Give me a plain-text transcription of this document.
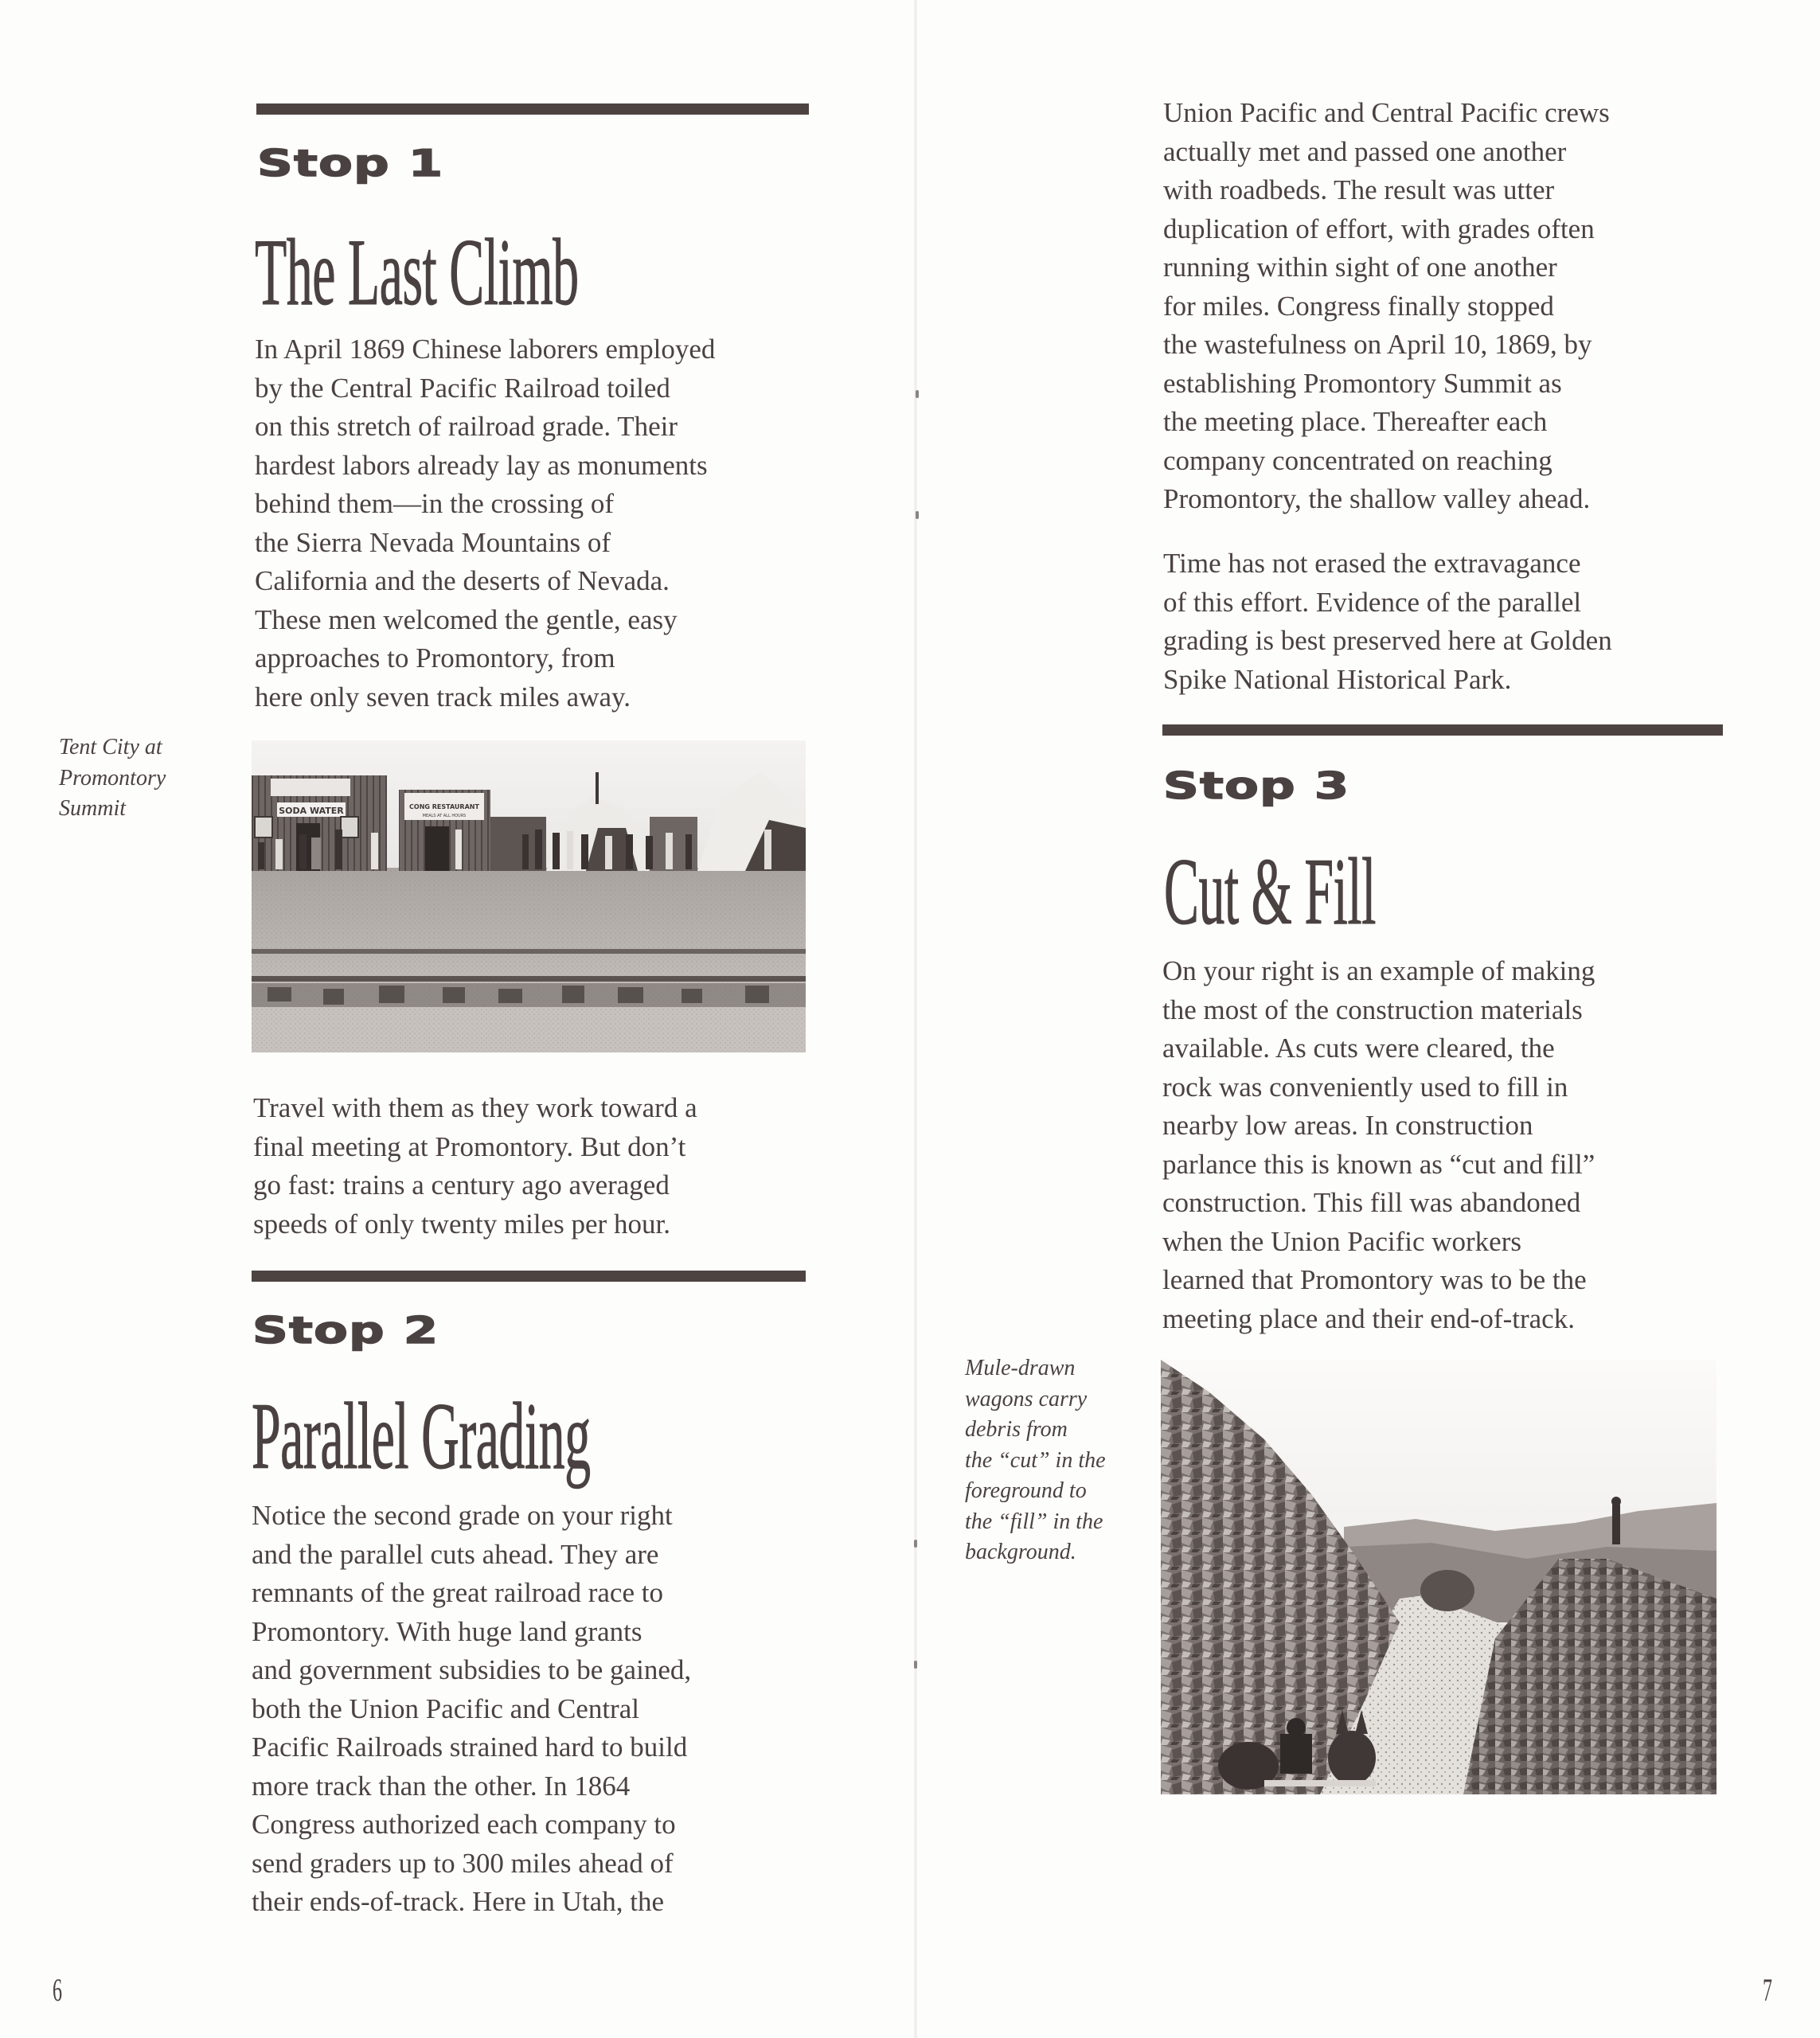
Stop 1
The Last Climb
In April 1869 Chinese laborers employed
by the Central Pacific Railroad toiled
on this stretch of railroad grade. Their
hardest labors already lay as monuments
behind them—in the crossing of
the Sierra Nevada Mountains of
California and the deserts of Nevada.
These men welcomed the gentle, easy
approaches to Promontory, from
here only seven track miles away.
Tent City at
Promontory
Summit	SODA WATER	CONG RESTAURANT
MEALS AT ALL HOURS
Travel with them as they work toward a
final meeting at Promontory. But don’t
go fast: trains a century ago averaged
speeds of only twenty miles per hour.
Stop 2
Parallel Grading
Notice the second grade on your right
and the parallel cuts ahead. They are
remnants of the great railroad race to
Promontory. With huge land grants
and government subsidies to be gained,
both the Union Pacific and Central
Pacific Railroads strained hard to build
more track than the other. In 1864
Congress authorized each company to
send graders up to 300 miles ahead of
their ends-of-track. Here in Utah, the
6
Union Pacific and Central Pacific crews
actually met and passed one another
with roadbeds. The result was utter
duplication of effort, with grades often
running within sight of one another
for miles. Congress finally stopped
the wastefulness on April 10, 1869, by
establishing Promontory Summit as
the meeting place. Thereafter each
company concentrated on reaching
Promontory, the shallow valley ahead.
Time has not erased the extravagance
of this effort. Evidence of the parallel
grading is best preserved here at Golden
Spike National Historical Park.
Stop 3
Cut & Fill
On your right is an example of making
the most of the construction materials
available. As cuts were cleared, the
rock was conveniently used to fill in
nearby low areas. In construction
parlance this is known as “cut and fill”
construction. This fill was abandoned
when the Union Pacific workers
learned that Promontory was to be the
meeting place and their end-of-track.
Mule-drawn
wagons carry
debris from
the “cut” in the
foreground to
the “fill” in the
background.
7
